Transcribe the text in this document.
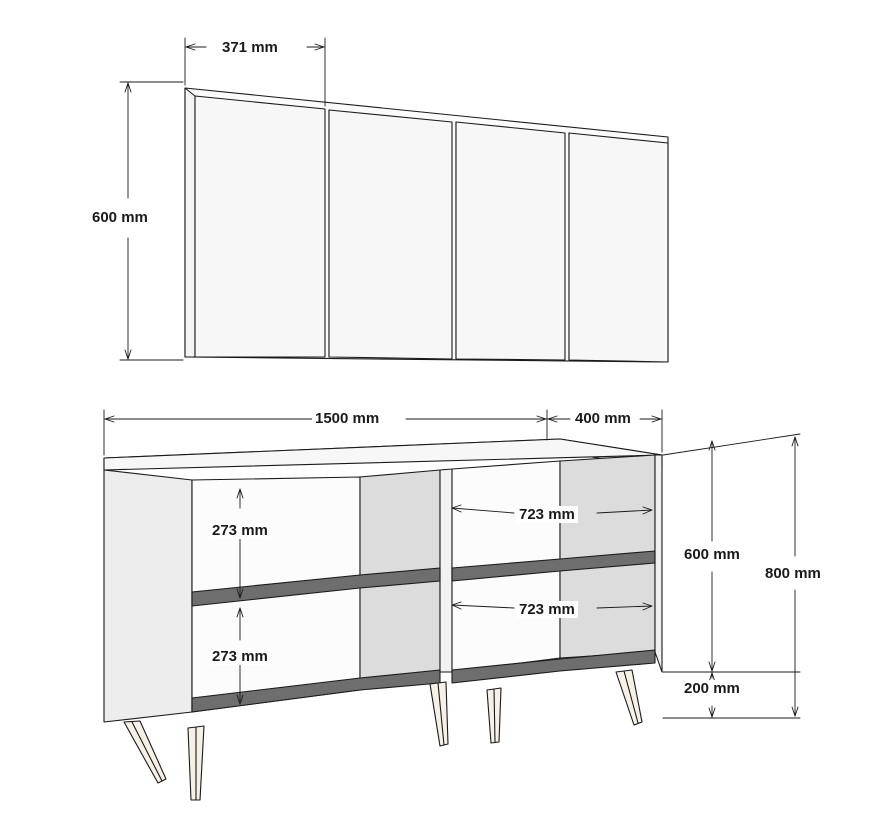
371 mm
600 mm
1500 mm	400 mm
273 mm
273 mm
723 mm
723 mm
600 mm
200 mm
800 mm
